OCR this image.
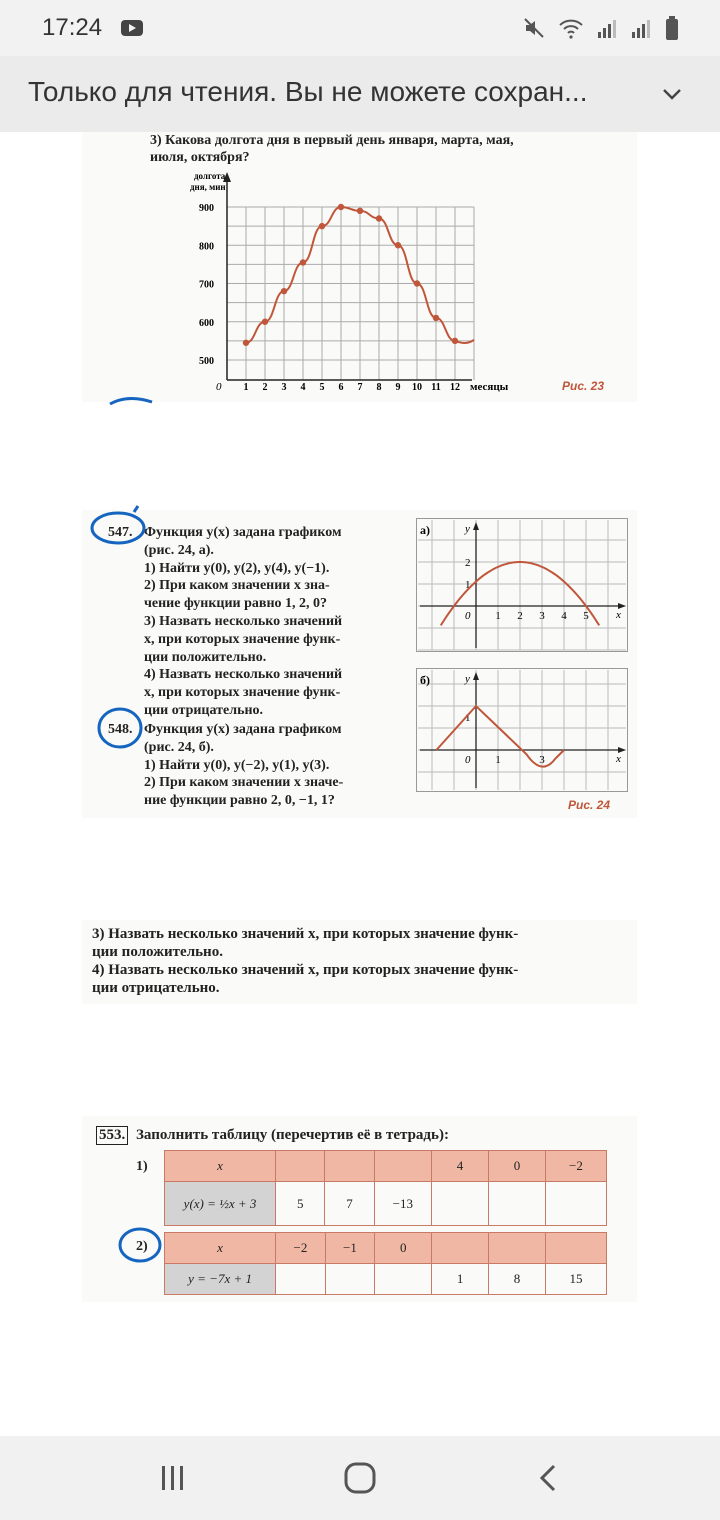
17:24
Только для чтения. Вы не можете сохран...
3) Какова долгота дня в первый день января, марта, мая,
июля, октября?
долгота
дня, мин
900
800
700
600
500
1 2 3 4 5 6 7 8 9 10 11 12
0	месяцы	Рис. 23
547. Функция y(x) задана графиком
(рис. 24, а).
1) Найти y(0), y(2), y(4), y(−1).
2) При каком значении x зна-
чение функции равно 1, 2, 0?
3) Назвать несколько значений
x, при которых значение функ-
ции положительно.
4) Назвать несколько значений
x, при которых значение функ-
ции отрицательно.
548. Функция y(x) задана графиком
(рис. 24, б).
1) Найти y(0), y(−2), y(1), y(3).
2) При каком значении x значе-
ние функции равно 2, 0, −1, 1?
а)	y
x
0 1 2 3 4 5
2
1
б)	y
x
0 1	3
1
Рис. 24
3) Назвать несколько значений x, при которых значение функ-
ции положительно.
4) Назвать несколько значений x, при которых значение функ-
ции отрицательно.
553. Заполнить таблицу (перечертив её в тетрадь):
1)	x				4	0	−2
y(x) = ½x + 3	5	7	−13			
2)	x	−2	−1	0			
y = −7x + 1				1	8	15
